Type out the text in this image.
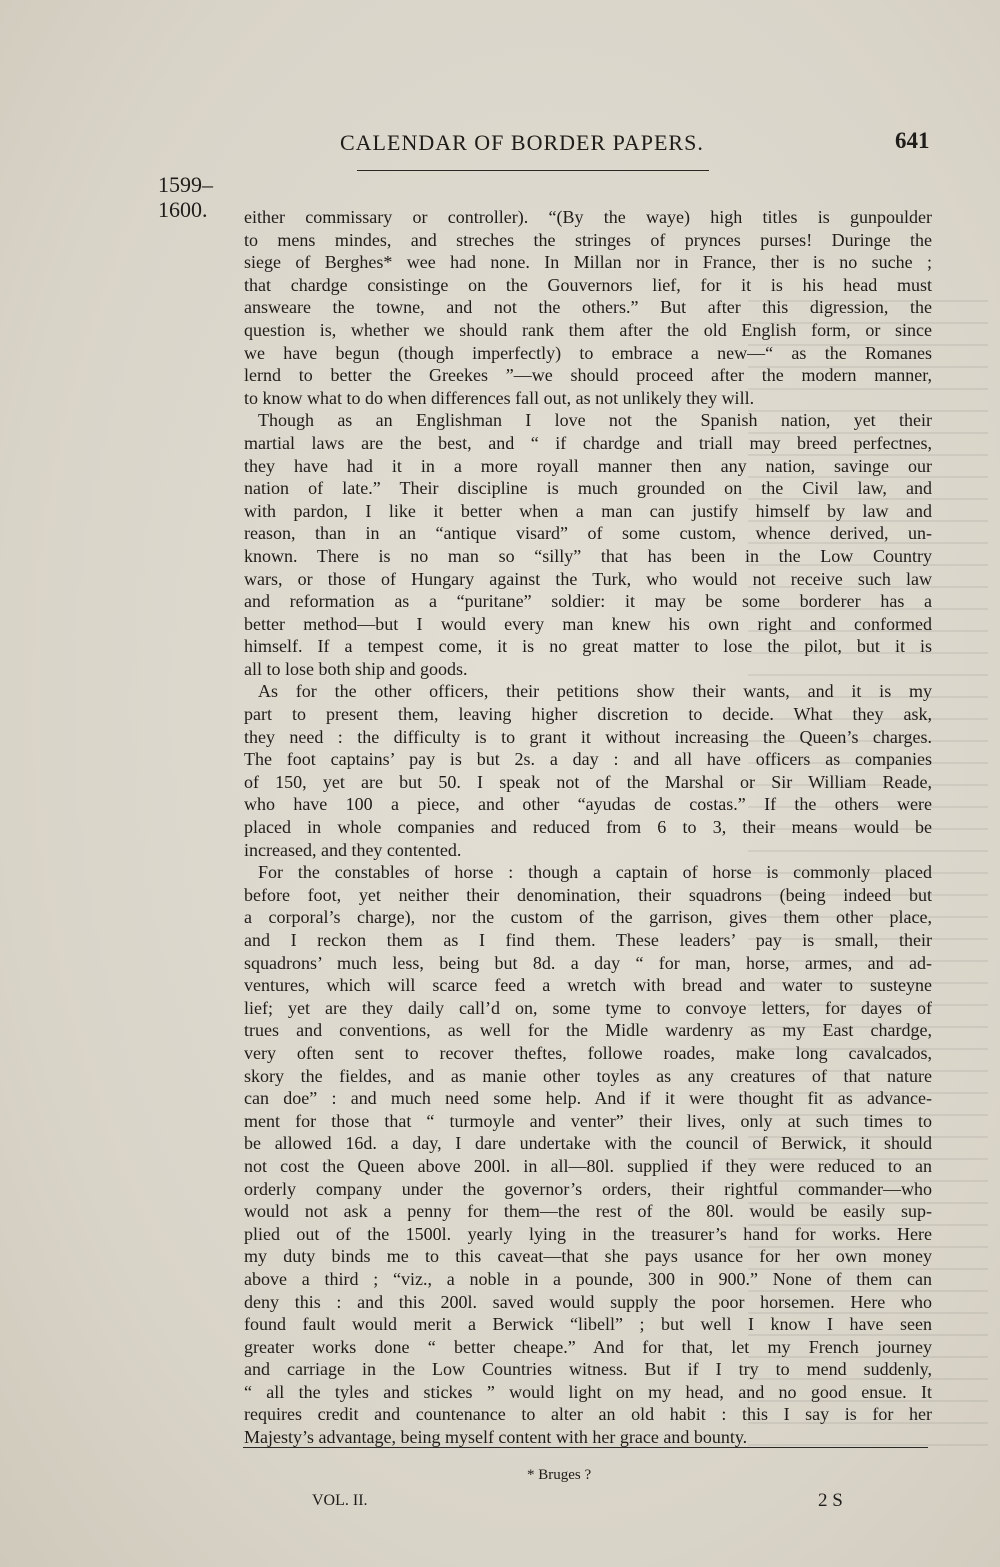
CALENDAR OF BORDER PAPERS.	641
1599–
1600.	either commissary or controller). “(By the waye) high titles is gunpoulder
to mens mindes, and streches the stringes of prynces purses! Duringe the
siege of Berghes* wee had none. In Millan nor in France, ther is no suche ;
that chardge consistinge on the Gouvernors lief, for it is his head must
answeare the towne, and not the others.” But after this digression, the
question is, whether we should rank them after the old English form, or since
we have begun (though imperfectly) to embrace a new—“ as the Romanes
lernd to better the Greekes ”—we should proceed after the modern manner,
to know what to do when differences fall out, as not unlikely they will.
Though as an Englishman I love not the Spanish nation, yet their
martial laws are the best, and “ if chardge and triall may breed perfectnes,
they have had it in a more royall manner then any nation, savinge our
nation of late.” Their discipline is much grounded on the Civil law, and
with pardon, I like it better when a man can justify himself by law and
reason, than in an “antique visard” of some custom, whence derived, un-
known. There is no man so “silly” that has been in the Low Country
wars, or those of Hungary against the Turk, who would not receive such law
and reformation as a “puritane” soldier: it may be some borderer has a
better method—but I would every man knew his own right and conformed
himself. If a tempest come, it is no great matter to lose the pilot, but it is
all to lose both ship and goods.
As for the other officers, their petitions show their wants, and it is my
part to present them, leaving higher discretion to decide. What they ask,
they need : the difficulty is to grant it without increasing the Queen’s charges.
The foot captains’ pay is but 2s. a day : and all have officers as companies
of 150, yet are but 50. I speak not of the Marshal or Sir William Reade,
who have 100 a piece, and other “ayudas de costas.” If the others were
placed in whole companies and reduced from 6 to 3, their means would be
increased, and they contented.
For the constables of horse : though a captain of horse is commonly placed
before foot, yet neither their denomination, their squadrons (being indeed but
a corporal’s charge), nor the custom of the garrison, gives them other place,
and I reckon them as I find them. These leaders’ pay is small, their
squadrons’ much less, being but 8d. a day “ for man, horse, armes, and ad-
ventures, which will scarce feed a wretch with bread and water to susteyne
lief; yet are they daily call’d on, some tyme to convoye letters, for dayes of
trues and conventions, as well for the Midle wardenry as my East chardge,
very often sent to recover theftes, followe roades, make long cavalcados,
skory the fieldes, and as manie other toyles as any creatures of that nature
can doe” : and much need some help. And if it were thought fit as advance-
ment for those that “ turmoyle and venter” their lives, only at such times to
be allowed 16d. a day, I dare undertake with the council of Berwick, it should
not cost the Queen above 200l. in all—80l. supplied if they were reduced to an
orderly company under the governor’s orders, their rightful commander—who
would not ask a penny for them—the rest of the 80l. would be easily sup-
plied out of the 1500l. yearly lying in the treasurer’s hand for works. Here
my duty binds me to this caveat—that she pays usance for her own money
above a third ; “viz., a noble in a pounde, 300 in 900.” None of them can
deny this : and this 200l. saved would supply the poor horsemen. Here who
found fault would merit a Berwick “libell” ; but well I know I have seen
greater works done “ better cheape.” And for that, let my French journey
and carriage in the Low Countries witness. But if I try to mend suddenly,
“ all the tyles and stickes ” would light on my head, and no good ensue. It
requires credit and countenance to alter an old habit : this I say is for her
Majesty’s advantage, being myself content with her grace and bounty.
* Bruges ?
VOL. II.	2 S
